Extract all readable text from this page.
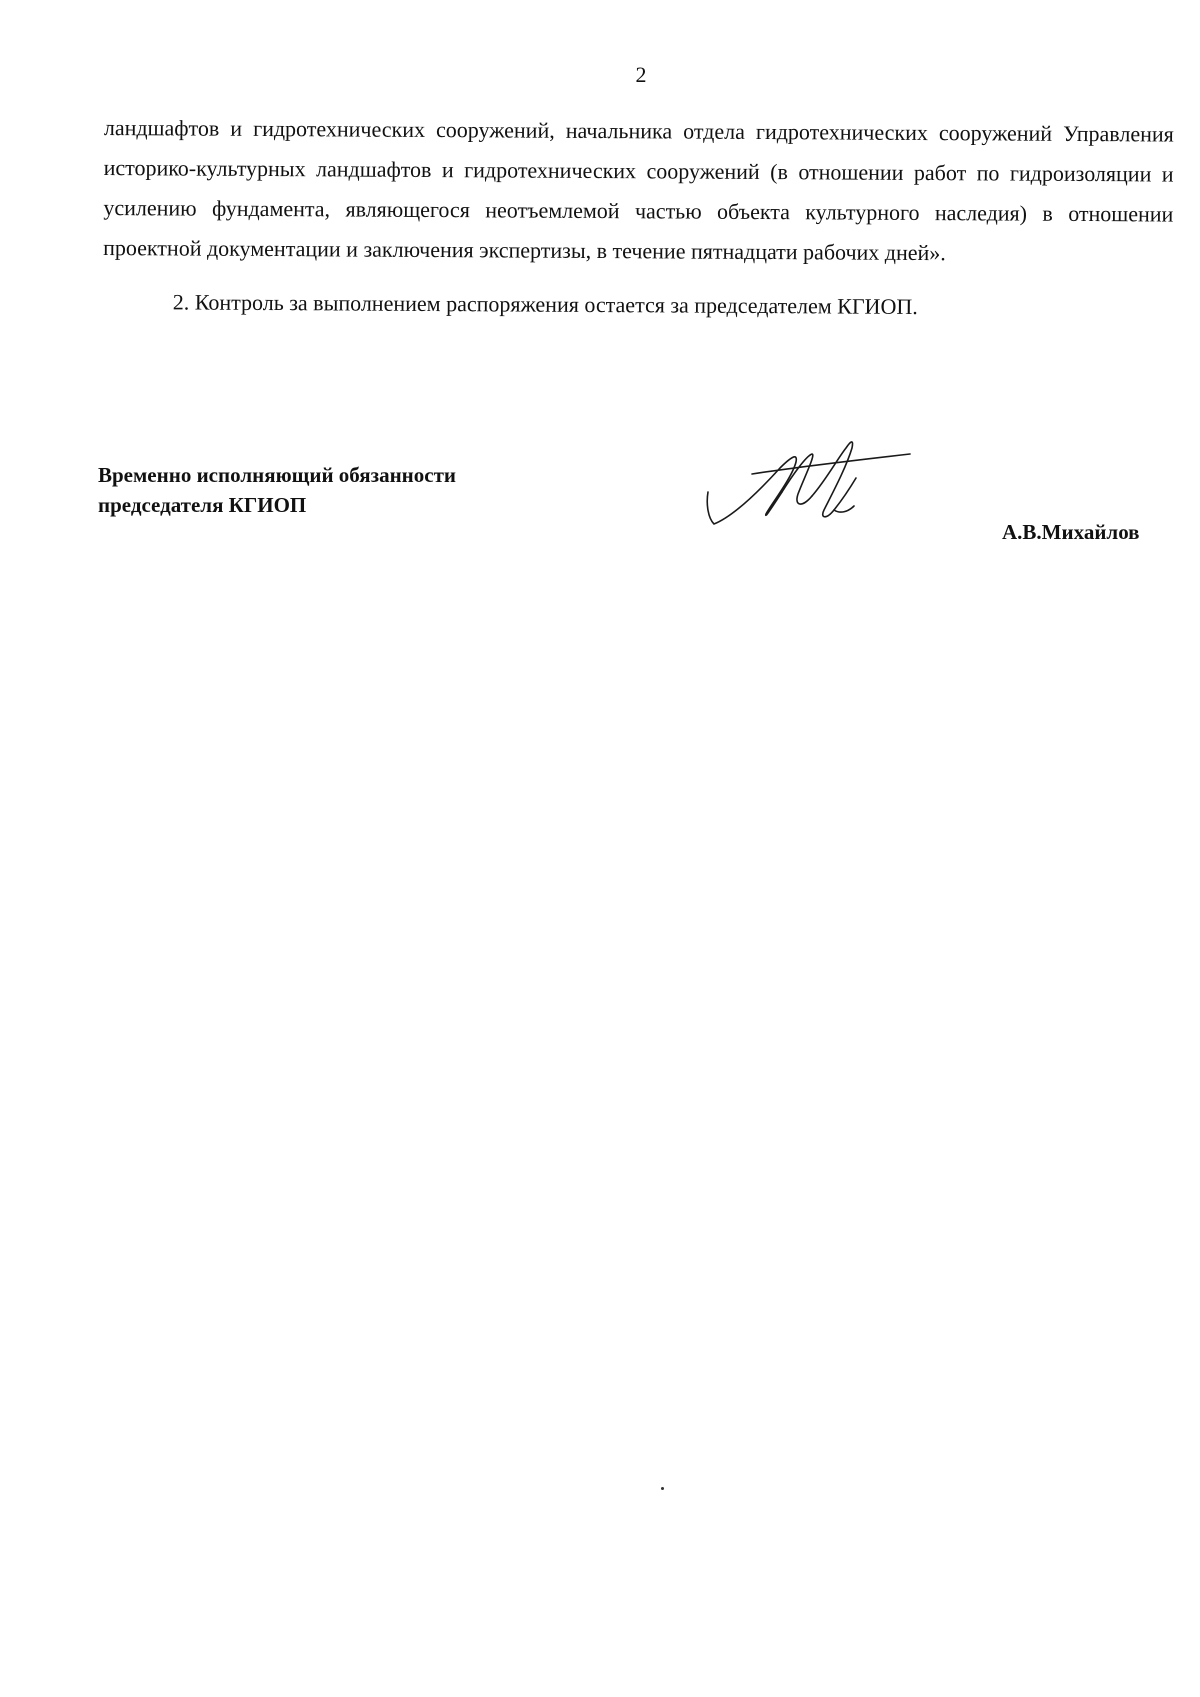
2

ландшафтов и гидротехнических сооружений, начальника отдела гидротехнических сооружений Управления историко-культурных ландшафтов и гидротехнических сооружений (в отношении работ по гидроизоляции и усилению фундамента, являющегося неотъемлемой частью объекта культурного наследия) в отношении проектной документации и заключения экспертизы, в течение пятнадцати рабочих дней».

2. Контроль за выполнением распоряжения остается за председателем КГИОП.

Временно исполняющий обязанности
председателя КГИОП
А.В.Михайлов
